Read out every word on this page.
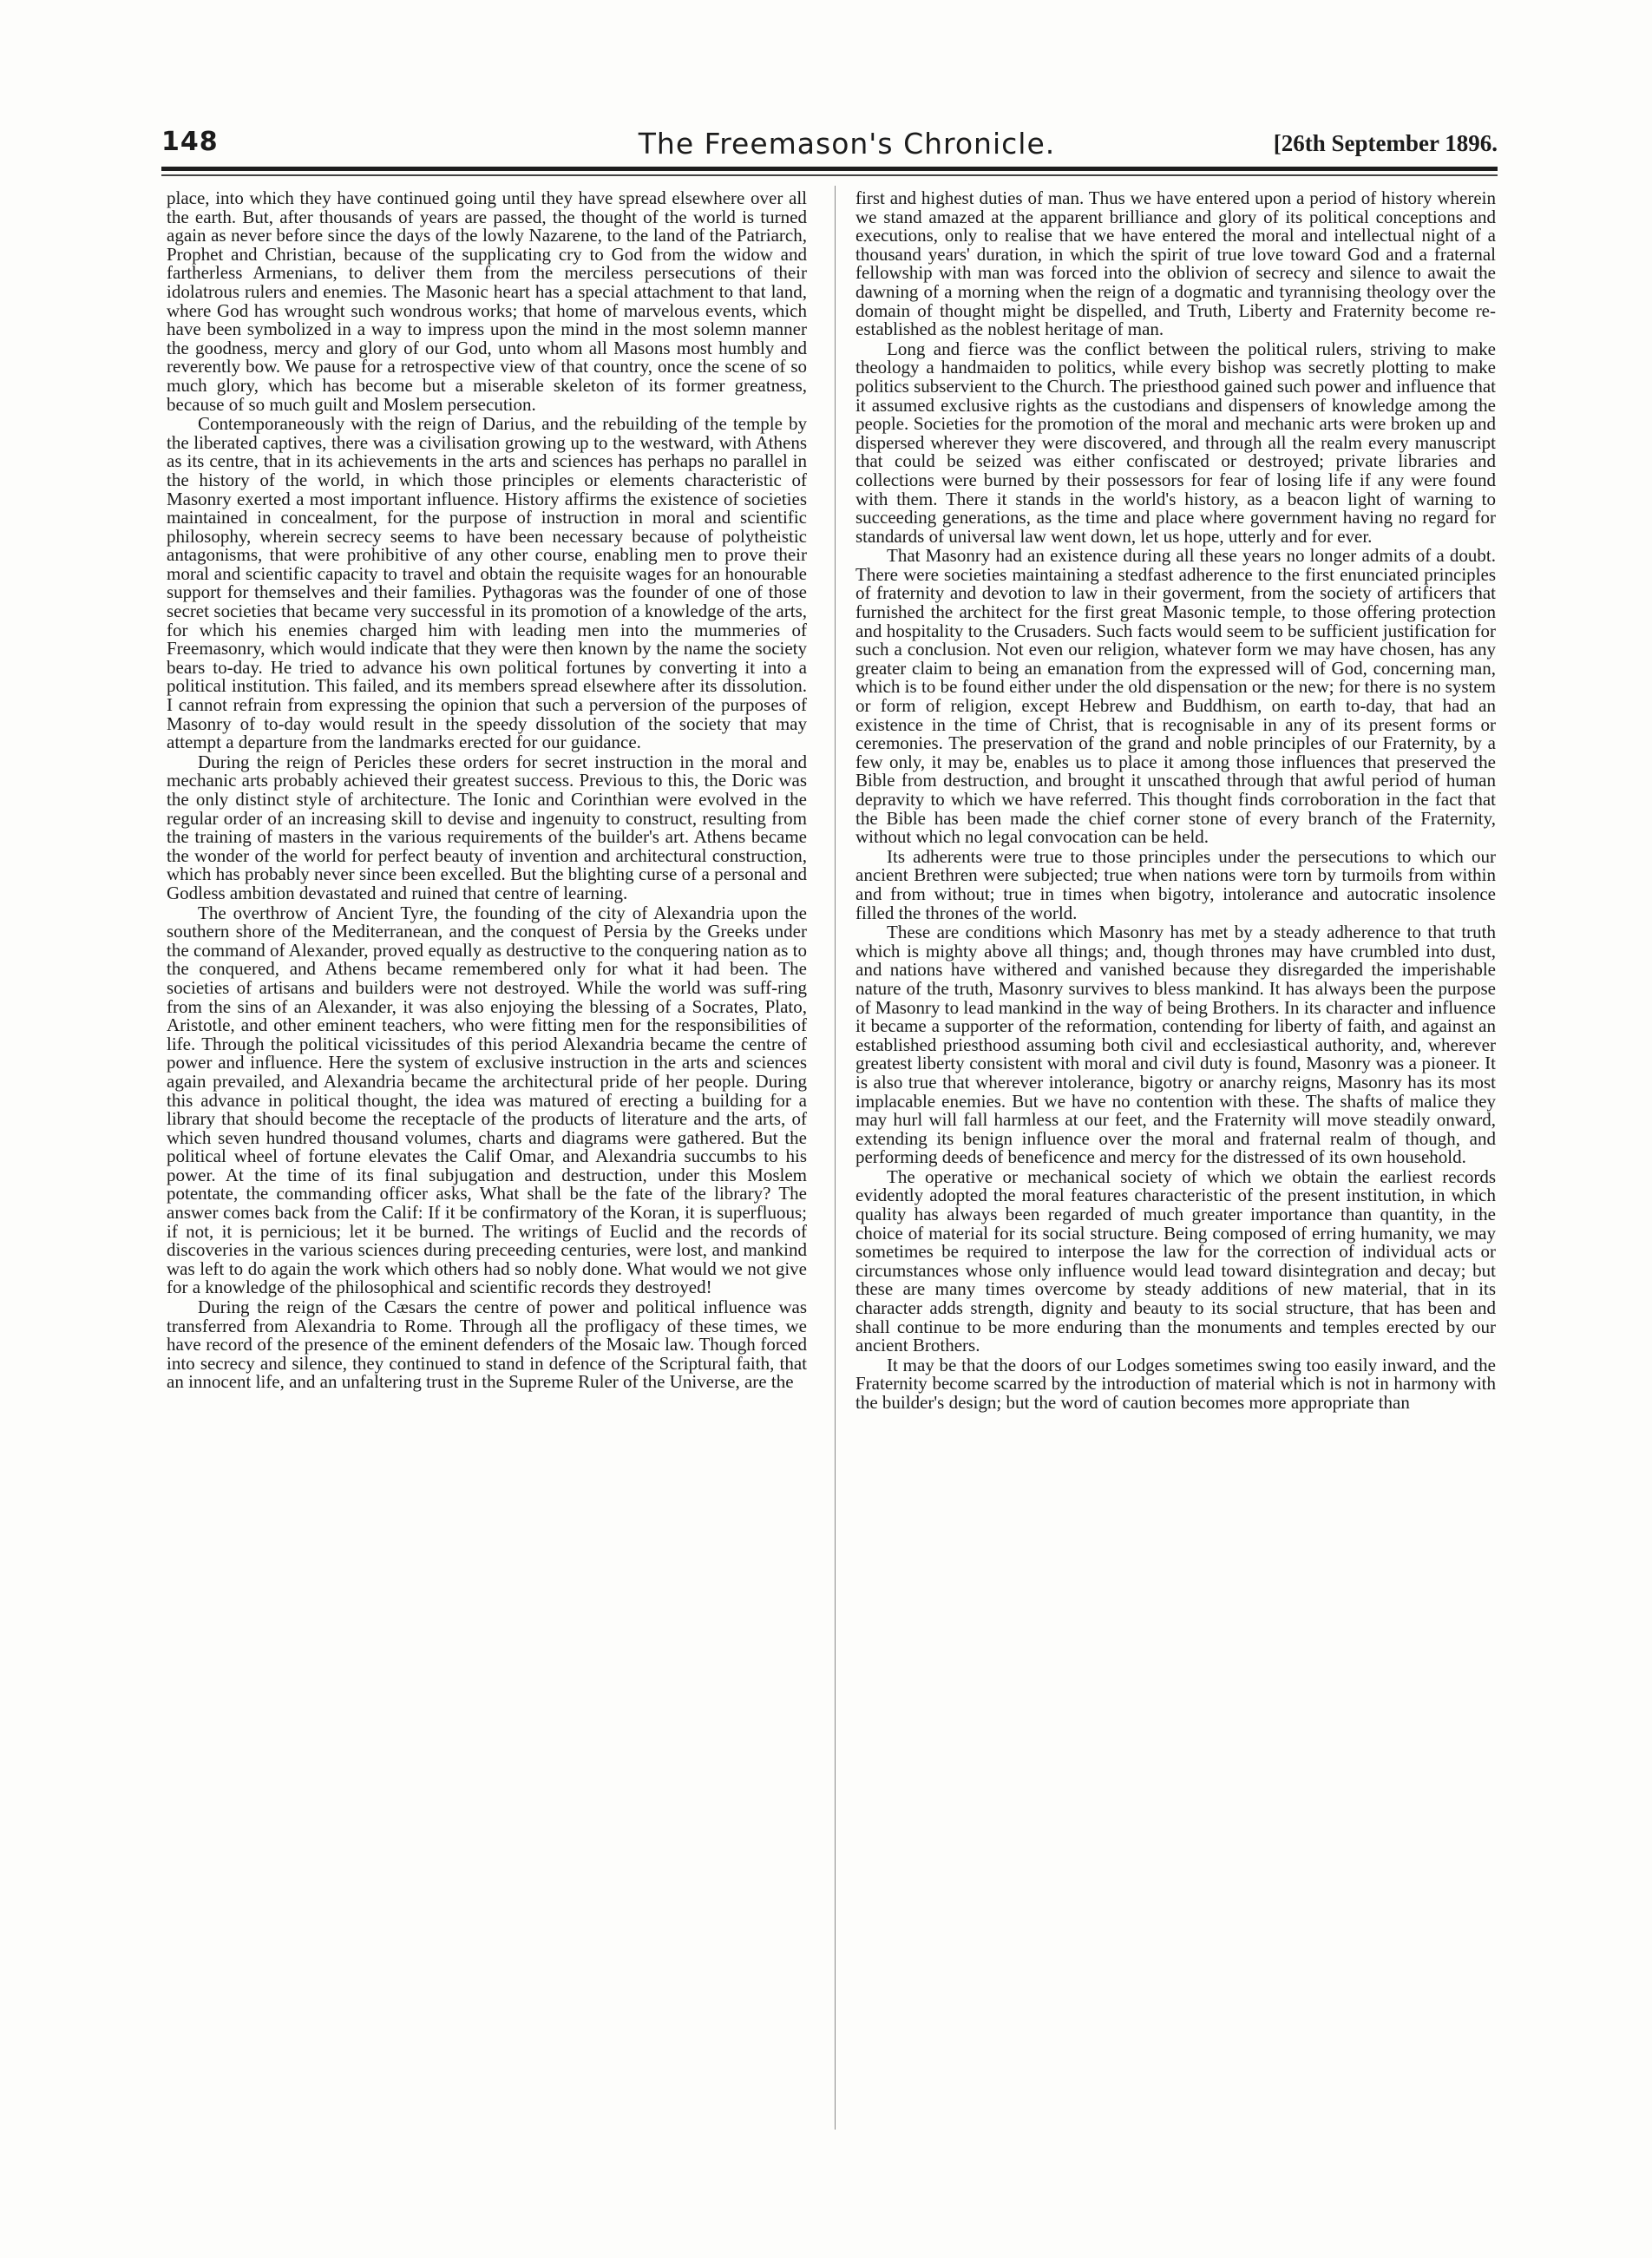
148	The Freemason's Chronicle.	[26th September 1896.

place, into which they have continued going until they have spread elsewhere over all the earth. But, after thousands of years are passed, the thought of the world is turned again as never before since the days of the lowly Nazarene, to the land of the Patriarch, Prophet and Christian, because of the supplicating cry to God from the widow and fartherless Armenians, to deliver them from the merciless persecutions of their idolatrous rulers and enemies. The Masonic heart has a special attachment to that land, where God has wrought such wondrous works; that home of marvelous events, which have been symbolized in a way to impress upon the mind in the most solemn manner the goodness, mercy and glory of our God, unto whom all Masons most humbly and reverently bow. We pause for a retrospective view of that country, once the scene of so much glory, which has become but a miserable skeleton of its former greatness, because of so much guilt and Moslem persecution.

Contemporaneously with the reign of Darius, and the rebuilding of the temple by the liberated captives, there was a civilisation growing up to the westward, with Athens as its centre, that in its achievements in the arts and sciences has perhaps no parallel in the history of the world, in which those principles or elements characteristic of Masonry exerted a most important influence. History affirms the existence of societies maintained in concealment, for the purpose of instruction in moral and scientific philosophy, wherein secrecy seems to have been necessary because of polytheistic antagonisms, that were prohibitive of any other course, enabling men to prove their moral and scientific capacity to travel and obtain the requisite wages for an honourable support for themselves and their families. Pythagoras was the founder of one of those secret societies that became very successful in its promotion of a knowledge of the arts, for which his enemies charged him with leading men into the mummeries of Freemasonry, which would indicate that they were then known by the name the society bears to-day. He tried to advance his own political fortunes by converting it into a political institution. This failed, and its members spread elsewhere after its dissolution. I cannot refrain from expressing the opinion that such a perversion of the purposes of Masonry of to-day would result in the speedy dissolution of the society that may attempt a departure from the landmarks erected for our guidance.

During the reign of Pericles these orders for secret instruction in the moral and mechanic arts probably achieved their greatest success. Previous to this, the Doric was the only distinct style of architecture. The Ionic and Corinthian were evolved in the regular order of an increasing skill to devise and ingenuity to construct, resulting from the training of masters in the various requirements of the builder's art. Athens became the wonder of the world for perfect beauty of invention and architectural construction, which has probably never since been excelled. But the blighting curse of a personal and Godless ambition devastated and ruined that centre of learning.

The overthrow of Ancient Tyre, the founding of the city of Alexandria upon the southern shore of the Mediterranean, and the conquest of Persia by the Greeks under the command of Alexander, proved equally as destructive to the conquering nation as to the conquered, and Athens became remembered only for what it had been. The societies of artisans and builders were not destroyed. While the world was suff-ring from the sins of an Alexander, it was also enjoying the blessing of a Socrates, Plato, Aristotle, and other eminent teachers, who were fitting men for the responsibilities of life. Through the political vicissitudes of this period Alexandria became the centre of power and influence. Here the system of exclusive instruction in the arts and sciences again prevailed, and Alexandria became the architectural pride of her people. During this advance in political thought, the idea was matured of erecting a building for a library that should become the receptacle of the products of literature and the arts, of which seven hundred thousand volumes, charts and diagrams were gathered. But the political wheel of fortune elevates the Calif Omar, and Alexandria succumbs to his power. At the time of its final subjugation and destruction, under this Moslem potentate, the commanding officer asks, What shall be the fate of the library? The answer comes back from the Calif: If it be confirmatory of the Koran, it is superfluous; if not, it is pernicious; let it be burned. The writings of Euclid and the records of discoveries in the various sciences during preceeding centuries, were lost, and mankind was left to do again the work which others had so nobly done. What would we not give for a knowledge of the philosophical and scientific records they destroyed!

During the reign of the Cæsars the centre of power and political influence was transferred from Alexandria to Rome. Through all the profligacy of these times, we have record of the presence of the eminent defenders of the Mosaic law. Though forced into secrecy and silence, they continued to stand in defence of the Scriptural faith, that an innocent life, and an unfaltering trust in the Supreme Ruler of the Universe, are the

first and highest duties of man. Thus we have entered upon a period of history wherein we stand amazed at the apparent brilliance and glory of its political conceptions and executions, only to realise that we have entered the moral and intellectual night of a thousand years' duration, in which the spirit of true love toward God and a fraternal fellowship with man was forced into the oblivion of secrecy and silence to await the dawning of a morning when the reign of a dogmatic and tyrannising theology over the domain of thought might be dispelled, and Truth, Liberty and Fraternity become re-established as the noblest heritage of man.

Long and fierce was the conflict between the political rulers, striving to make theology a handmaiden to politics, while every bishop was secretly plotting to make politics subservient to the Church. The priesthood gained such power and influence that it assumed exclusive rights as the custodians and dispensers of knowledge among the people. Societies for the promotion of the moral and mechanic arts were broken up and dispersed wherever they were discovered, and through all the realm every manuscript that could be seized was either confiscated or destroyed; private libraries and collections were burned by their possessors for fear of losing life if any were found with them. There it stands in the world's history, as a beacon light of warning to succeeding generations, as the time and place where government having no regard for standards of universal law went down, let us hope, utterly and for ever.

That Masonry had an existence during all these years no longer admits of a doubt. There were societies maintaining a stedfast adherence to the first enunciated principles of fraternity and devotion to law in their goverment, from the society of artificers that furnished the architect for the first great Masonic temple, to those offering protection and hospitality to the Crusaders. Such facts would seem to be sufficient justification for such a conclusion. Not even our religion, whatever form we may have chosen, has any greater claim to being an emanation from the expressed will of God, concerning man, which is to be found either under the old dispensation or the new; for there is no system or form of religion, except Hebrew and Buddhism, on earth to-day, that had an existence in the time of Christ, that is recognisable in any of its present forms or ceremonies. The preservation of the grand and noble principles of our Fraternity, by a few only, it may be, enables us to place it among those influences that preserved the Bible from destruction, and brought it unscathed through that awful period of human depravity to which we have referred. This thought finds corroboration in the fact that the Bible has been made the chief corner stone of every branch of the Fraternity, without which no legal convocation can be held.

Its adherents were true to those principles under the persecutions to which our ancient Brethren were subjected; true when nations were torn by turmoils from within and from without; true in times when bigotry, intolerance and autocratic insolence filled the thrones of the world.

These are conditions which Masonry has met by a steady adherence to that truth which is mighty above all things; and, though thrones may have crumbled into dust, and nations have withered and vanished because they disregarded the imperishable nature of the truth, Masonry survives to bless mankind. It has always been the purpose of Masonry to lead mankind in the way of being Brothers. In its character and influence it became a supporter of the reformation, contending for liberty of faith, and against an established priesthood assuming both civil and ecclesiastical authority, and, wherever greatest liberty consistent with moral and civil duty is found, Masonry was a pioneer. It is also true that wherever intolerance, bigotry or anarchy reigns, Masonry has its most implacable enemies. But we have no contention with these. The shafts of malice they may hurl will fall harmless at our feet, and the Fraternity will move steadily onward, extending its benign influence over the moral and fraternal realm of though, and performing deeds of beneficence and mercy for the distressed of its own household.

The operative or mechanical society of which we obtain the earliest records evidently adopted the moral features characteristic of the present institution, in which quality has always been regarded of much greater importance than quantity, in the choice of material for its social structure. Being composed of erring humanity, we may sometimes be required to interpose the law for the correction of individual acts or circumstances whose only influence would lead toward disintegration and decay; but these are many times overcome by steady additions of new material, that in its character adds strength, dignity and beauty to its social structure, that has been and shall continue to be more enduring than the monuments and temples erected by our ancient Brothers.

It may be that the doors of our Lodges sometimes swing too easily inward, and the Fraternity become scarred by the introduction of material which is not in harmony with the builder's design; but the word of caution becomes more appropriate than
